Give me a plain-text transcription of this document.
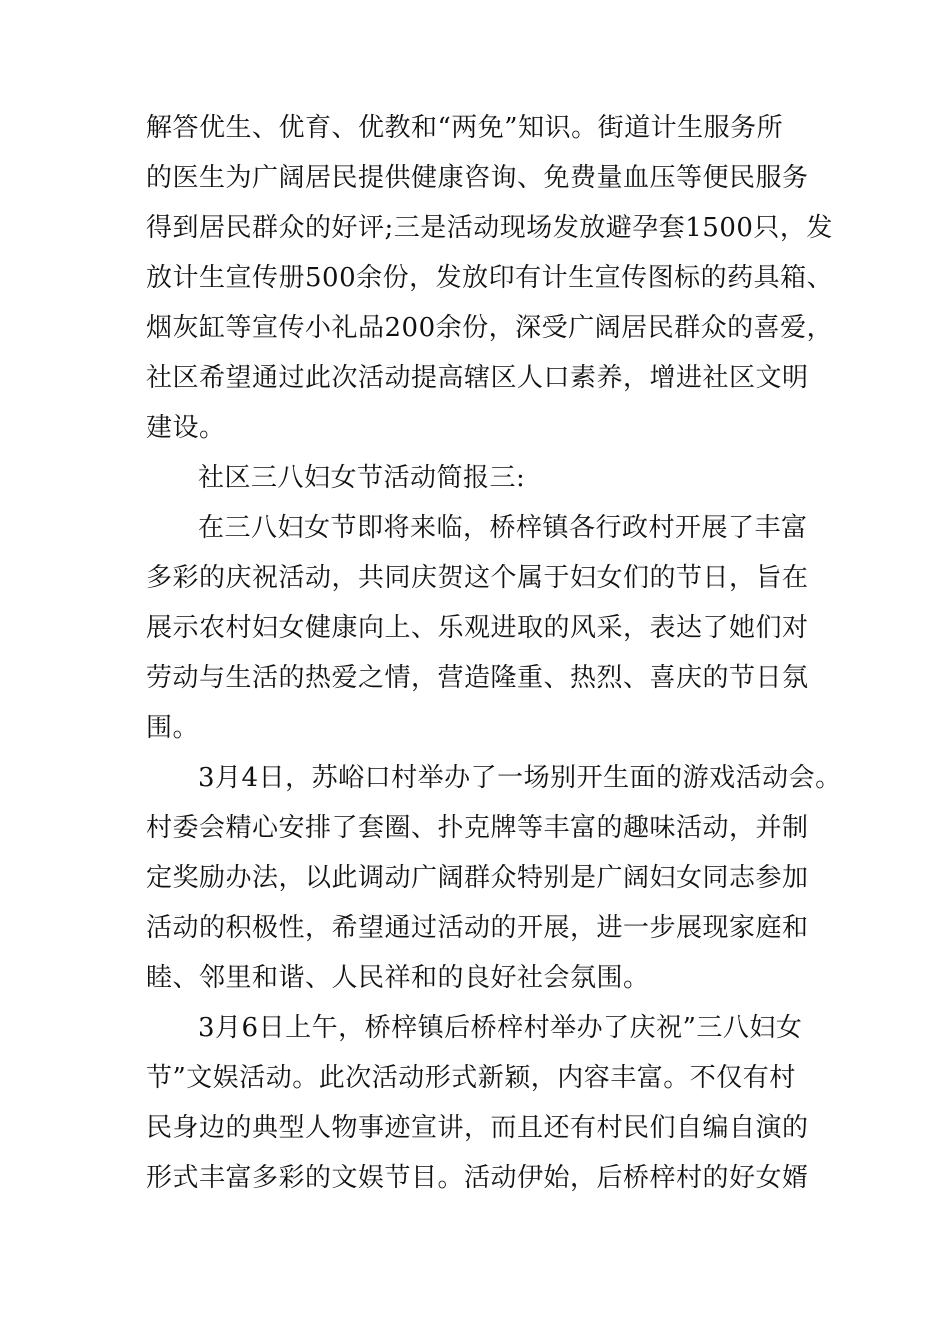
解答优生、优育、优教和“两免”知识。街道计生服务所
的医生为广阔居民提供健康咨询、免费量血压等便民服务
得到居民群众的好评;三是活动现场发放避孕套1500只，发
放计生宣传册500余份，发放印有计生宣传图标的药具箱、
烟灰缸等宣传小礼品200余份，深受广阔居民群众的喜爱，
社区希望通过此次活动提高辖区人口素养，增进社区文明
建设。
社区三八妇女节活动简报三:
在三八妇女节即将来临，桥梓镇各行政村开展了丰富
多彩的庆祝活动，共同庆贺这个属于妇女们的节日，旨在
展示农村妇女健康向上、乐观进取的风采，表达了她们对
劳动与生活的热爱之情，营造隆重、热烈、喜庆的节日氛
围。
3月4日，苏峪口村举办了一场别开生面的游戏活动会。
村委会精心安排了套圈、扑克牌等丰富的趣味活动，并制
定奖励办法，以此调动广阔群众特别是广阔妇女同志参加
活动的积极性，希望通过活动的开展，进一步展现家庭和
睦、邻里和谐、人民祥和的良好社会氛围。
3月6日上午，桥梓镇后桥梓村举办了庆祝”三八妇女
节”文娱活动。此次活动形式新颖，内容丰富。不仅有村
民身边的典型人物事迹宣讲，而且还有村民们自编自演的
形式丰富多彩的文娱节目。活动伊始，后桥梓村的好女婿
